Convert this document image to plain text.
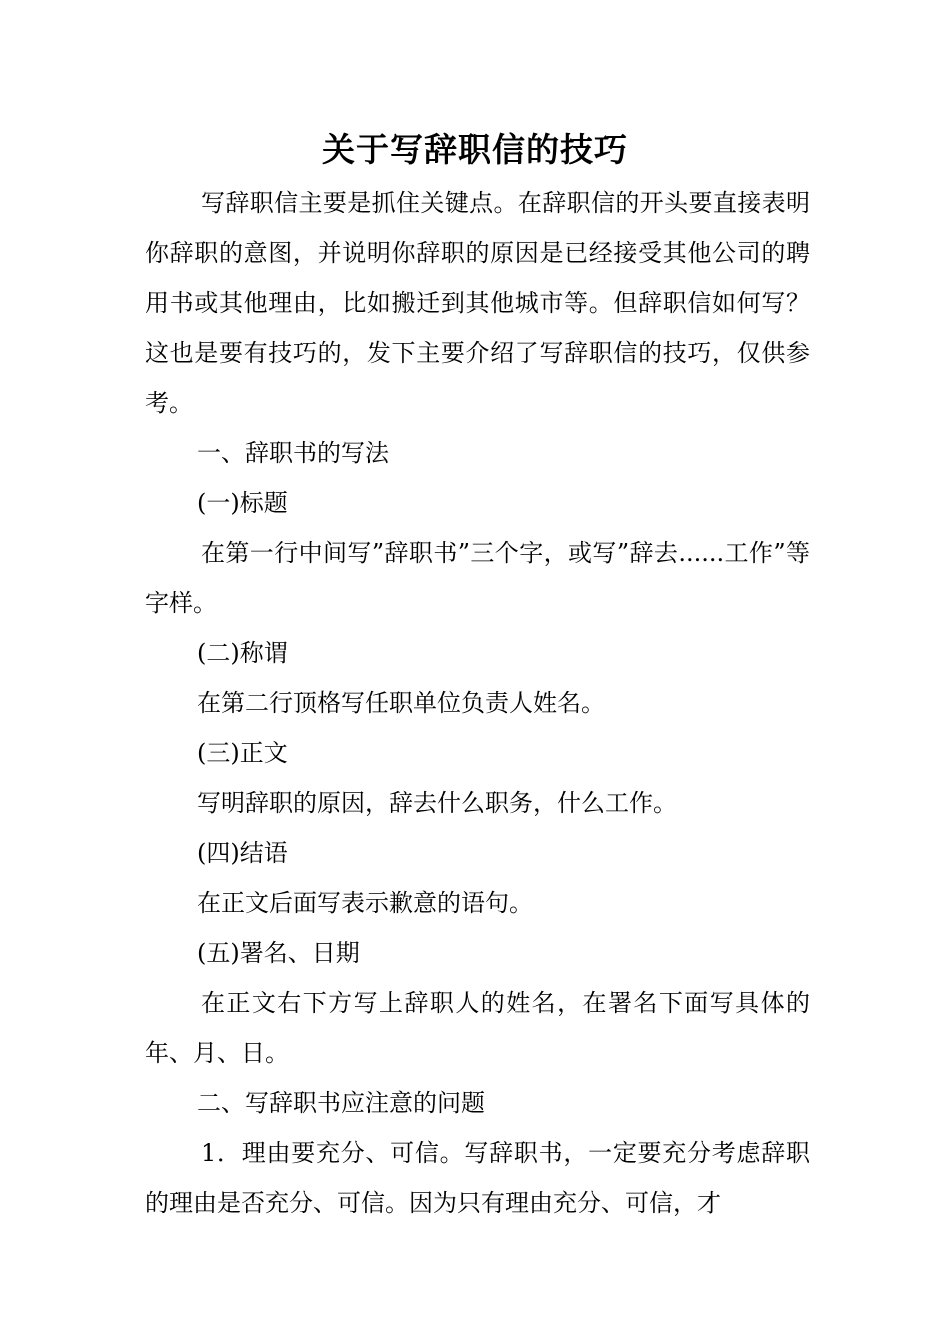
关于写辞职信的技巧

写辞职信主要是抓住关键点。在辞职信的开头要直接表明你辞职的意图，并说明你辞职的原因是已经接受其他公司的聘用书或其他理由，比如搬迁到其他城市等。但辞职信如何写？这也是要有技巧的，发下主要介绍了写辞职信的技巧，仅供参考。

一、辞职书的写法

(一)标题

在第一行中间写”辞职书”三个字，或写”辞去......工作”等字样。

(二)称谓

在第二行顶格写任职单位负责人姓名。

(三)正文

写明辞职的原因，辞去什么职务，什么工作。

(四)结语

在正文后面写表示歉意的语句。

(五)署名、日期

在正文右下方写上辞职人的姓名，在署名下面写具体的年、月、日。

二、写辞职书应注意的问题

1．理由要充分、可信。写辞职书，一定要充分考虑辞职的理由是否充分、可信。因为只有理由充分、可信，才
